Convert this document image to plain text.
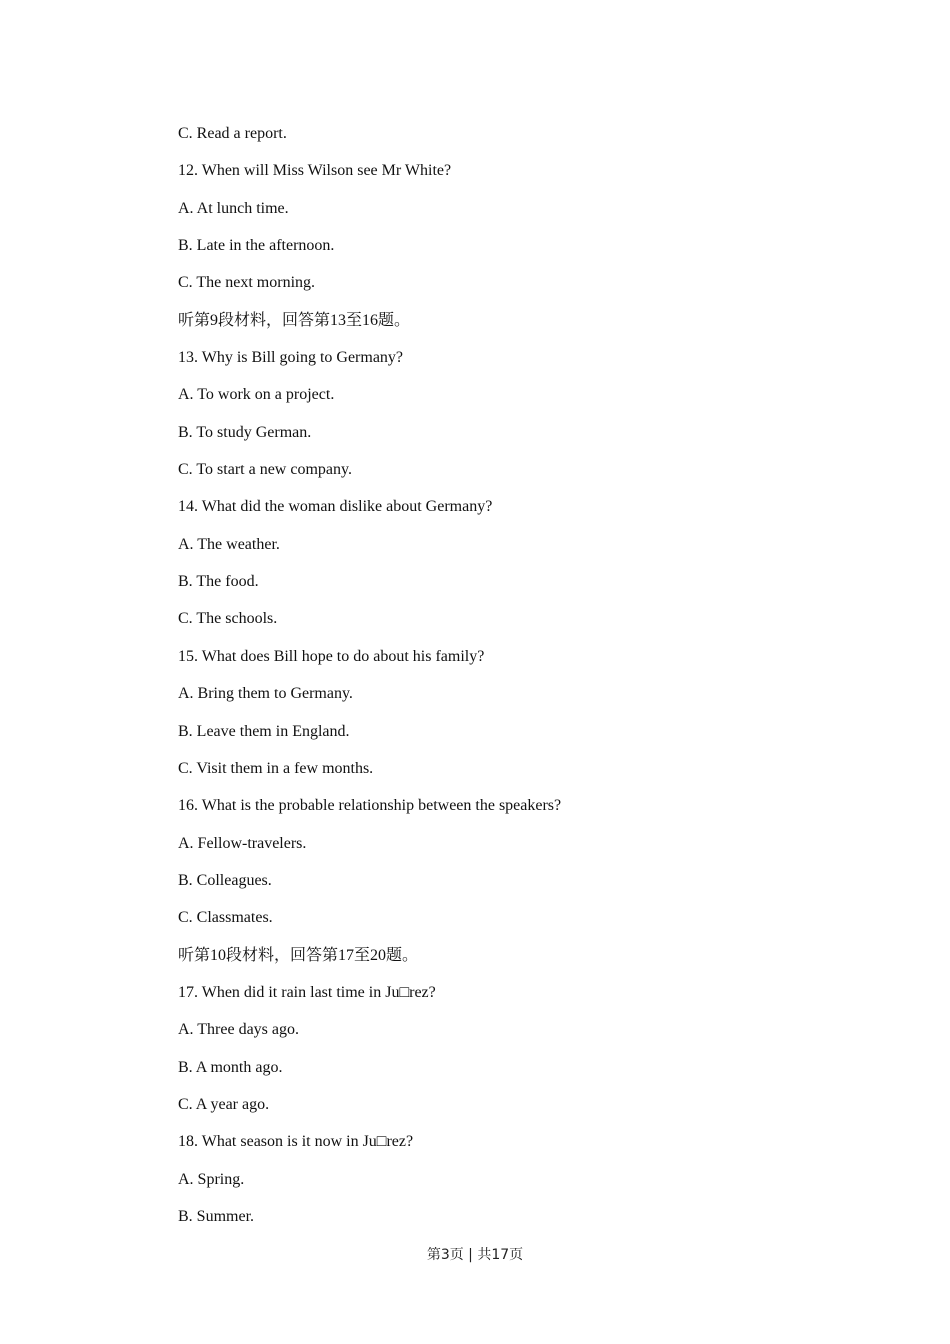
C. Read a report.
12. When will Miss Wilson see Mr White?
A. At lunch time.
B. Late in the afternoon.
C. The next morning.
听第9段材料，回答第13至16题。
13. Why is Bill going to Germany?
A. To work on a project.
B. To study German.
C. To start a new company.
14. What did the woman dislike about Germany?
A. The weather.
B. The food.
C. The schools.
15. What does Bill hope to do about his family?
A. Bring them to Germany.
B. Leave them in England.
C. Visit them in a few months.
16. What is the probable relationship between the speakers?
A. Fellow-travelers.
B. Colleagues.
C. Classmates.
听第10段材料，回答第17至20题。
17. When did it rain last time in Ju□rez?
A. Three days ago.
B. A month ago.
C. A year ago.
18. What season is it now in Ju□rez?
A. Spring.
B. Summer.
第3页 | 共17页
